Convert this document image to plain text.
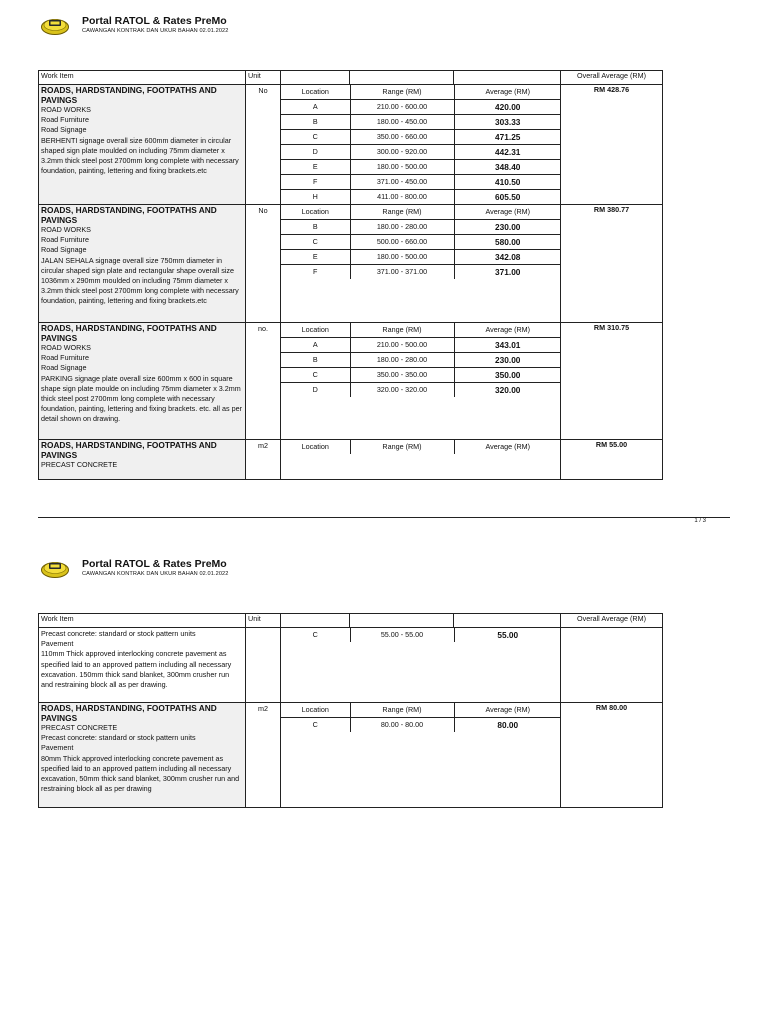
Portal RATOL & Rates PreMo
CAWANGAN KONTRAK DAN UKUR BAHAN 02.01.2022
Work Item	Unit				Overall Average (RM)

ROADS, HARDSTANDING, FOOTPATHS AND PAVINGS
ROAD WORKS
Road Furniture
Road Signage
BERHENTI signage overall size 600mm diameter in circular shaped sign plate moulded on including 75mm diameter x 3.2mm thick steel post 2700mm long complete with necessary foundation, painting, lettering and fixing brackets.etc
	No		Location	Range (RM)	Average (RM)
A	210.00 - 600.00	420.00
B	180.00 - 450.00	303.33
C	350.00 - 660.00	471.25
D	300.00 - 920.00	442.31
E	180.00 - 500.00	348.40
F	371.00 - 450.00	410.50
H	411.00 - 800.00	605.50
	RM 428.76

ROADS, HARDSTANDING, FOOTPATHS AND PAVINGS
ROAD WORKS
Road Furniture
Road Signage
JALAN SEHALA signage overall size 750mm diameter in circular shaped sign plate and rectangular shape overall size 1036mm x 290mm moulded on including 75mm diameter x 3.2mm thick steel post 2700mm long complete with necessary foundation, painting, lettering and fixing brackets.etc
	No		Location	Range (RM)	Average (RM)
B	180.00 - 280.00	230.00
C	500.00 - 660.00	580.00
E	180.00 - 500.00	342.08
F	371.00 - 371.00	371.00
	RM 380.77

ROADS, HARDSTANDING, FOOTPATHS AND PAVINGS
ROAD WORKS
Road Furniture
Road Signage
PARKING signage plate overall size 600mm x 600 in square shape sign plate moulde on including 75mm diameter x 3.2mm thick steel post 2700mm long complete with necessary foundation, painting, lettering and fixing brackets. etc. all as per detail shown on drawing.
	no.		Location	Range (RM)	Average (RM)
A	210.00 - 500.00	343.01
B	180.00 - 280.00	230.00
C	350.00 - 350.00	350.00
D	320.00 - 320.00	320.00
	RM 310.75

ROADS, HARDSTANDING, FOOTPATHS AND PAVINGS
PRECAST CONCRETE
	m2		Location	Range (RM)	Average (RM)
		RM 55.00
1 / 3
Portal RATOL & Rates PreMo
CAWANGAN KONTRAK DAN UKUR BAHAN 02.01.2022
Work Item	Unit				Overall Average (RM)

Precast concrete: standard or stock pattern units
Pavement
110mm Thick approved interlocking concrete pavement as specified laid to an approved pattern including all necessary excavation. 150mm thick sand blanket, 300mm crusher run and restraining block all as per drawing.

C	55.00 - 55.00	55.00

ROADS, HARDSTANDING, FOOTPATHS AND PAVINGS
PRECAST CONCRETE
Precast concrete: standard or stock pattern units
Pavement
80mm Thick approved interlocking concrete pavement as specified laid to an approved pattern including all necessary excavation, 50mm thick sand blanket, 300mm crusher run and restraining block all as per drawing
	m2		Location	Range (RM)	Average (RM)
C	80.00 - 80.00	80.00
	RM 80.00
